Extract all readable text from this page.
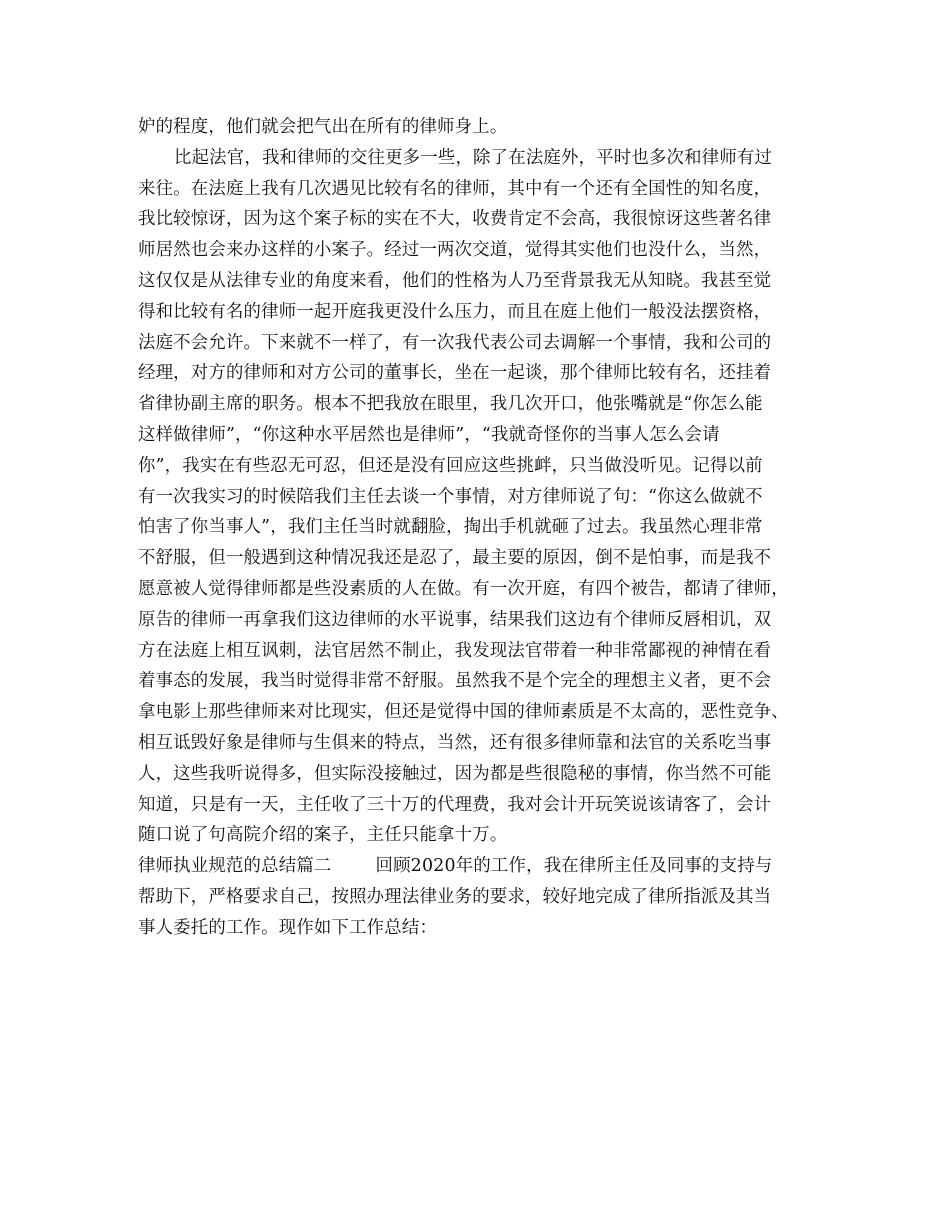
妒的程度，他们就会把气出在所有的律师身上。
比起法官，我和律师的交往更多一些，除了在法庭外，平时也多次和律师有过
来往。在法庭上我有几次遇见比较有名的律师，其中有一个还有全国性的知名度，
我比较惊讶，因为这个案子标的实在不大，收费肯定不会高，我很惊讶这些著名律
师居然也会来办这样的小案子。经过一两次交道，觉得其实他们也没什么，当然，
这仅仅是从法律专业的角度来看，他们的性格为人乃至背景我无从知晓。我甚至觉
得和比较有名的律师一起开庭我更没什么压力，而且在庭上他们一般没法摆资格，
法庭不会允许。下来就不一样了，有一次我代表公司去调解一个事情，我和公司的
经理，对方的律师和对方公司的董事长，坐在一起谈，那个律师比较有名，还挂着
省律协副主席的职务。根本不把我放在眼里，我几次开口，他张嘴就是“你怎么能
这样做律师”，“你这种水平居然也是律师”，“我就奇怪你的当事人怎么会请
你”，我实在有些忍无可忍，但还是没有回应这些挑衅，只当做没听见。记得以前
有一次我实习的时候陪我们主任去谈一个事情，对方律师说了句：“你这么做就不
怕害了你当事人”，我们主任当时就翻脸，掏出手机就砸了过去。我虽然心理非常
不舒服，但一般遇到这种情况我还是忍了，最主要的原因，倒不是怕事，而是我不
愿意被人觉得律师都是些没素质的人在做。有一次开庭，有四个被告，都请了律师，
原告的律师一再拿我们这边律师的水平说事，结果我们这边有个律师反唇相讥，双
方在法庭上相互讽刺，法官居然不制止，我发现法官带着一种非常鄙视的神情在看
着事态的发展，我当时觉得非常不舒服。虽然我不是个完全的理想主义者，更不会
拿电影上那些律师来对比现实，但还是觉得中国的律师素质是不太高的，恶性竞争、
相互诋毁好象是律师与生俱来的特点，当然，还有很多律师靠和法官的关系吃当事
人，这些我听说得多，但实际没接触过，因为都是些很隐秘的事情，你当然不可能
知道，只是有一天，主任收了三十万的代理费，我对会计开玩笑说该请客了，会计
随口说了句高院介绍的案子，主任只能拿十万。
律师执业规范的总结篇二	回顾2020年的工作，我在律所主任及同事的支持与
帮助下，严格要求自己，按照办理法律业务的要求，较好地完成了律所指派及其当
事人委托的工作。现作如下工作总结：
